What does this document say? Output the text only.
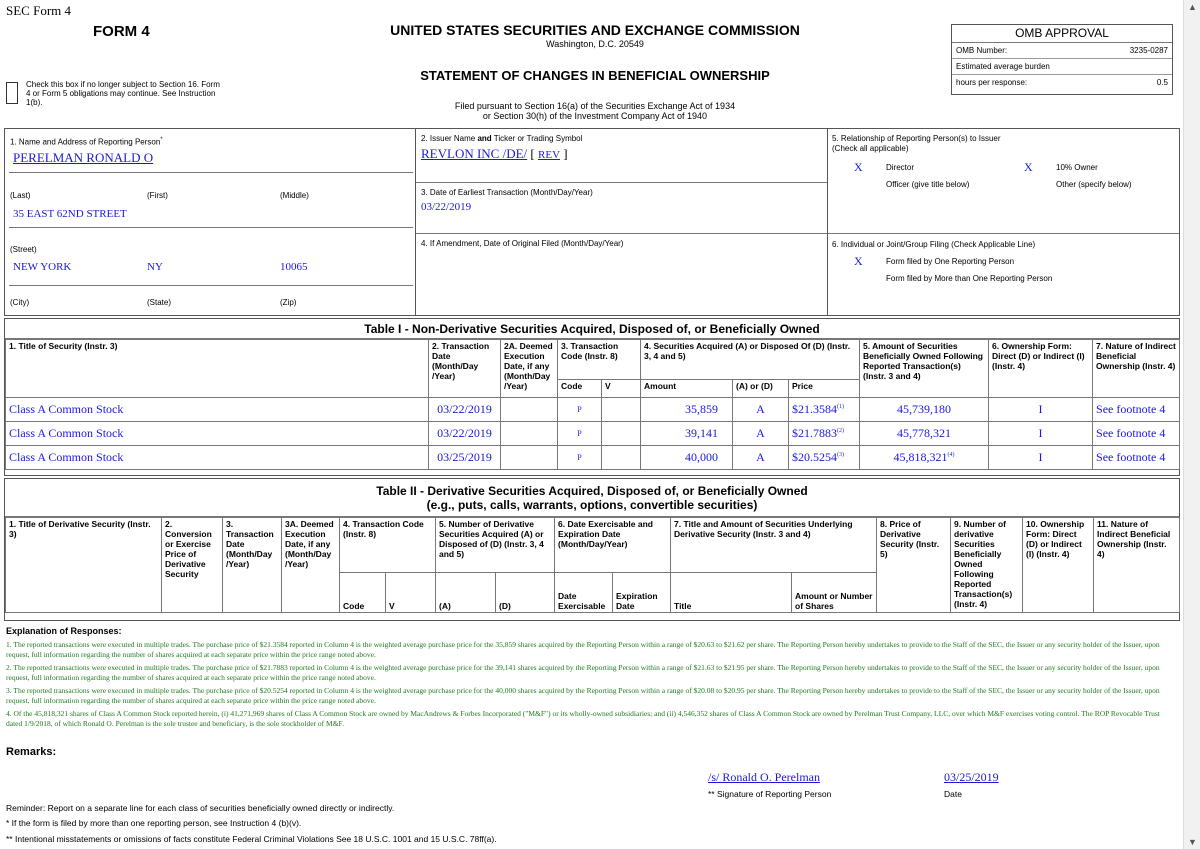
SEC Form 4
FORM 4
Check this box if no longer subject to Section 16. Form 4 or Form 5 obligations may continue. See Instruction 1(b).
UNITED STATES SECURITIES AND EXCHANGE COMMISSION
Washington, D.C. 20549
STATEMENT OF CHANGES IN BENEFICIAL OWNERSHIP
Filed pursuant to Section 16(a) of the Securities Exchange Act of 1934
or Section 30(h) of the Investment Company Act of 1940
OMB APPROVAL
OMB Number:	3235-0287
Estimated average burden
hours per response:	0.5
1. Name and Address of Reporting Person*
PERELMAN RONALD O
(Last)	(First)	(Middle)
35 EAST 62ND STREET
(Street)
NEW YORK	NY	10065
(City)	(State)	(Zip)
2. Issuer Name and Ticker or Trading Symbol
REVLON INC /DE/ [ REV ]
3. Date of Earliest Transaction (Month/Day/Year)
03/22/2019
4. If Amendment, Date of Original Filed (Month/Day/Year)
5. Relationship of Reporting Person(s) to Issuer
(Check all applicable)
X	Director	X	10% Owner
Officer (give title below)	Other (specify below)
6. Individual or Joint/Group Filing (Check Applicable Line)
X	Form filed by One Reporting Person
Form filed by More than One Reporting Person
Table I - Non-Derivative Securities Acquired, Disposed of, or Beneficially Owned
1. Title of Security (Instr. 3)	2. Transaction Date (Month/Day /Year)	2A. Deemed Execution Date, if any (Month/Day /Year)	3. Transaction Code (Instr. 8)		4. Securities Acquired (A) or Disposed Of (D) (Instr. 3, 4 and 5)			5. Amount of Securities Beneficially Owned Following Reported Transaction(s) (Instr. 3 and 4)	6. Ownership Form: Direct (D) or Indirect (I) (Instr. 4)	7. Nature of Indirect Beneficial Ownership (Instr. 4)
			Code	V	Amount	(A) or (D)	Price			
Class A Common Stock	03/22/2019		P		35,859	A	$21.3584$^{(1)}$	45,739,180	I	See footnote 4
Class A Common Stock	03/22/2019		P		39,141	A	$21.7883$^{(2)}$	45,778,321	I	See footnote 4
Class A Common Stock	03/25/2019		P		40,000	A	$20.5254$^{(3)}$	45,818,321$^{(4)}$	I	See footnote 4
Table II - Derivative Securities Acquired, Disposed of, or Beneficially Owned
(e.g., puts, calls, warrants, options, convertible securities)
1. Title of Derivative Security (Instr. 3)	2. Conversion or Exercise Price of Derivative Security	3. Transaction Date (Month/Day /Year)	3A. Deemed Execution Date, if any (Month/Day /Year)	4. Transaction Code (Instr. 8)		5. Number of Derivative Securities Acquired (A) or Disposed of (D) (Instr. 3, 4 and 5)		6. Date Exercisable and Expiration Date (Month/Day/Year)		7. Title and Amount of Securities Underlying Derivative Security (Instr. 3 and 4)		8. Price of Derivative Security (Instr. 5)	9. Number of derivative Securities Beneficially Owned Following Reported Transaction(s) (Instr. 4)	10. Ownership Form: Direct (D) or Indirect (I) (Instr. 4)	11. Nature of Indirect Beneficial Ownership (Instr. 4)
				Code	V	(A)	(D)	Date Exercisable	Expiration Date	Title	Amount or Number of Shares				
Explanation of Responses:
1. The reported transactions were executed in multiple trades. The purchase price of $21.3584 reported in Column 4 is the weighted average purchase price for the 35,859 shares acquired by the Reporting Person within a range of $20.63 to $21.62 per share. The Reporting Person hereby undertakes to provide to the Staff of the SEC, the Issuer or any security holder of the Issuer, upon request, full information regarding the number of shares acquired at each separate price within the price range noted above.
2. The reported transactions were executed in multiple trades. The purchase price of $21.7883 reported in Column 4 is the weighted average purchase price for the 39,141 shares acquired by the Reporting Person within a range of $21.63 to $21.95 per share. The Reporting Person hereby undertakes to provide to the Staff of the SEC, the Issuer or any security holder of the Issuer, upon request, full information regarding the number of shares acquired at each separate price within the price range noted above.
3. The reported transactions were executed in multiple trades. The purchase price of $20.5254 reported in Column 4 is the weighted average purchase price for the 40,000 shares acquired by the Reporting Person within a range of $20.08 to $20.95 per share. The Reporting Person hereby undertakes to provide to the Staff of the SEC, the Issuer or any security holder of the Issuer, upon request, full information regarding the number of shares acquired at each separate price within the price range noted above.
4. Of the 45,818,321 shares of Class A Common Stock reported herein, (i) 41,271,969 shares of Class A Common Stock are owned by MacAndrews & Forbes Incorporated ("M&F") or its wholly-owned subsidiaries; and (ii) 4,546,352 shares of Class A Common Stock are owned by Perelman Trust Company, LLC, over which M&F exercises voting control. The ROP Revocable Trust dated 1/9/2018, of which Ronald O. Perelman is the sole trustee and beneficiary, is the sole stockholder of M&F.
Remarks:
/s/ Ronald O. Perelman
** Signature of Reporting Person
03/25/2019
Date
Reminder: Report on a separate line for each class of securities beneficially owned directly or indirectly.
* If the form is filed by more than one reporting person, see Instruction 4 (b)(v).
** Intentional misstatements or omissions of facts constitute Federal Criminal Violations See 18 U.S.C. 1001 and 15 U.S.C. 78ff(a).
▲
▼
